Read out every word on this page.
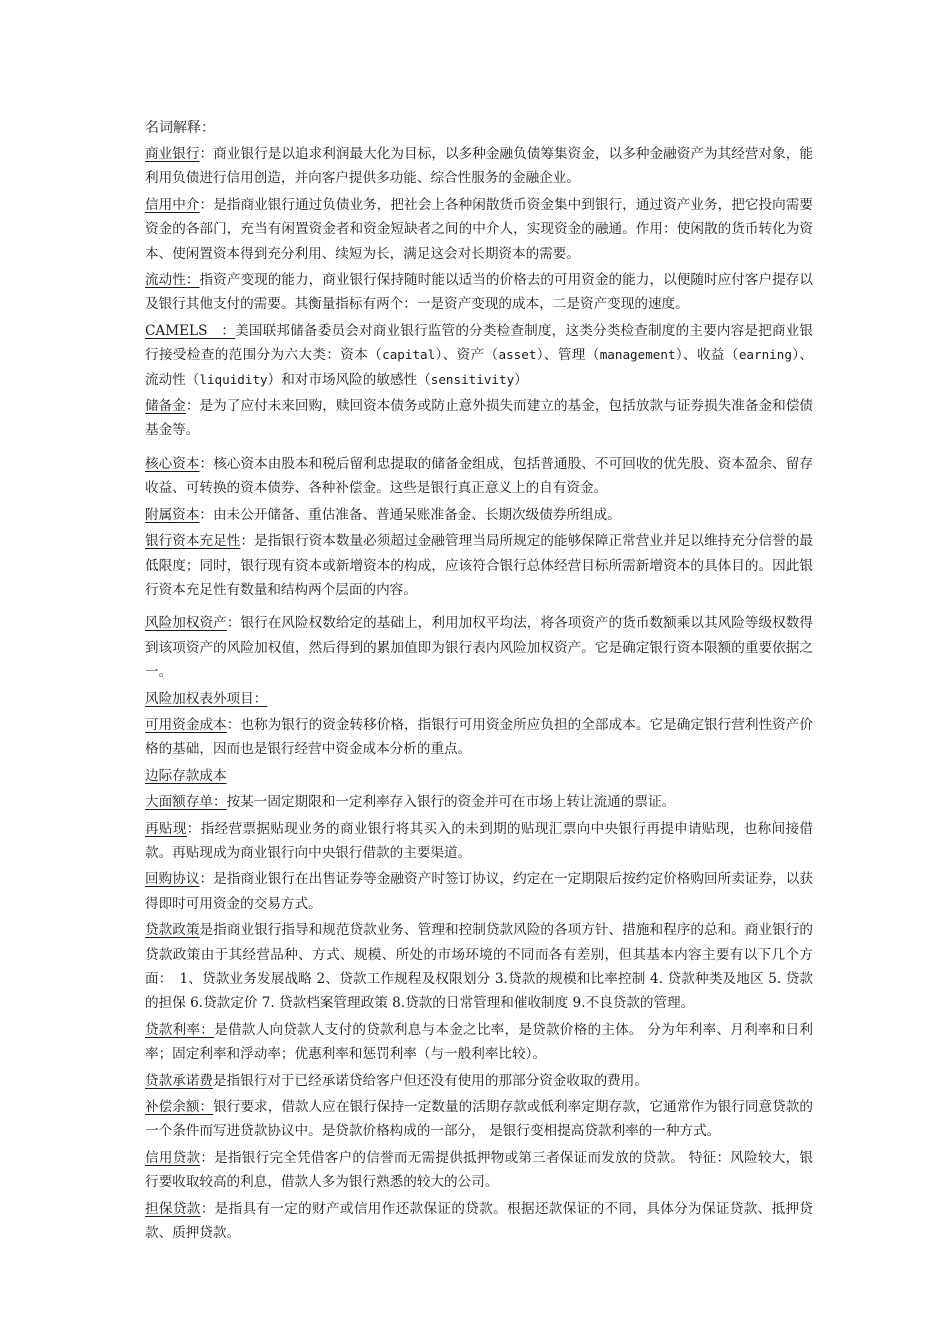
名词解释：

商业银行：商业银行是以追求利润最大化为目标，以多种金融负债筹集资金，以多种金融资产为其经营对象，能利用负债进行信用创造，并向客户提供多功能、综合性服务的金融企业。

信用中介：是指商业银行通过负债业务，把社会上各种闲散货币资金集中到银行，通过资产业务，把它投向需要资金的各部门，充当有闲置资金者和资金短缺者之间的中介人，实现资金的融通。作用：使闲散的货币转化为资本、使闲置资本得到充分利用、续短为长，满足这会对长期资本的需要。

流动性：指资产变现的能力，商业银行保持随时能以适当的价格去的可用资金的能力，以便随时应付客户提存以及银行其他支付的需要。其衡量指标有两个：一是资产变现的成本，二是资产变现的速度。

CAMELS　：美国联邦储备委员会对商业银行监管的分类检查制度，这类分类检查制度的主要内容是把商业银行接受检查的范围分为六大类：资本（capital）、资产（asset）、管理（management）、收益（earning）、流动性（liquidity）和对市场风险的敏感性（sensitivity）

储备金：是为了应付未来回购，赎回资本债务或防止意外损失而建立的基金，包括放款与证券损失准备金和偿债基金等。

核心资本：核心资本由股本和税后留利忠提取的储备金组成，包括普通股、不可回收的优先股、资本盈余、留存收益、可转换的资本债券、各种补偿金。这些是银行真正意义上的自有资金。

附属资本：由未公开储备、重估准备、普通呆账准备金、长期次级债券所组成。

银行资本充足性：是指银行资本数量必须超过金融管理当局所规定的能够保障正常营业并足以维持充分信誉的最低限度；同时，银行现有资本或新增资本的构成，应该符合银行总体经营目标所需新增资本的具体目的。因此银行资本充足性有数量和结构两个层面的内容。

风险加权资产：银行在风险权数给定的基础上，利用加权平均法，将各项资产的货币数额乘以其风险等级权数得到该项资产的风险加权值，然后得到的累加值即为银行表内风险加权资产。它是确定银行资本限额的重要依据之一。

风险加权表外项目：

可用资金成本：也称为银行的资金转移价格，指银行可用资金所应负担的全部成本。它是确定银行营利性资产价格的基础，因而也是银行经营中资金成本分析的重点。

边际存款成本

大面额存单：按某一固定期限和一定利率存入银行的资金并可在市场上转让流通的票证。

再贴现：指经营票据贴现业务的商业银行将其买入的未到期的贴现汇票向中央银行再提申请贴现，也称间接借款。再贴现成为商业银行向中央银行借款的主要渠道。

回购协议：是指商业银行在出售证券等金融资产时签订协议，约定在一定期限后按约定价格购回所卖证券，以获得即时可用资金的交易方式。

贷款政策是指商业银行指导和规范贷款业务、管理和控制贷款风险的各项方针、措施和程序的总和。商业银行的贷款政策由于其经营品种、方式、规模、所处的市场环境的不同而各有差别，但其基本内容主要有以下几个方面：　1、贷款业务发展战略 2、贷款工作规程及权限划分 3.贷款的规模和比率控制 4. 贷款种类及地区 5. 贷款的担保 6.贷款定价 7. 贷款档案管理政策 8.贷款的日常管理和催收制度 9.不良贷款的管理。

贷款利率：是借款人向贷款人支付的贷款利息与本金之比率，是贷款价格的主体。 分为年利率、月利率和日利率；固定利率和浮动率；优惠利率和惩罚利率（与一般利率比较）。

贷款承诺费是指银行对于已经承诺贷给客户但还没有使用的那部分资金收取的费用。

补偿余额：银行要求，借款人应在银行保持一定数量的活期存款或低利率定期存款，它通常作为银行同意贷款的一个条件而写进贷款协议中。是贷款价格构成的一部分， 是银行变相提高贷款利率的一种方式。

信用贷款：是指银行完全凭借客户的信誉而无需提供抵押物或第三者保证而发放的贷款。 特征：风险较大，银行要收取较高的利息，借款人多为银行熟悉的较大的公司。

担保贷款：是指具有一定的财产或信用作还款保证的贷款。根据还款保证的不同，具体分为保证贷款、抵押贷款、质押贷款。
